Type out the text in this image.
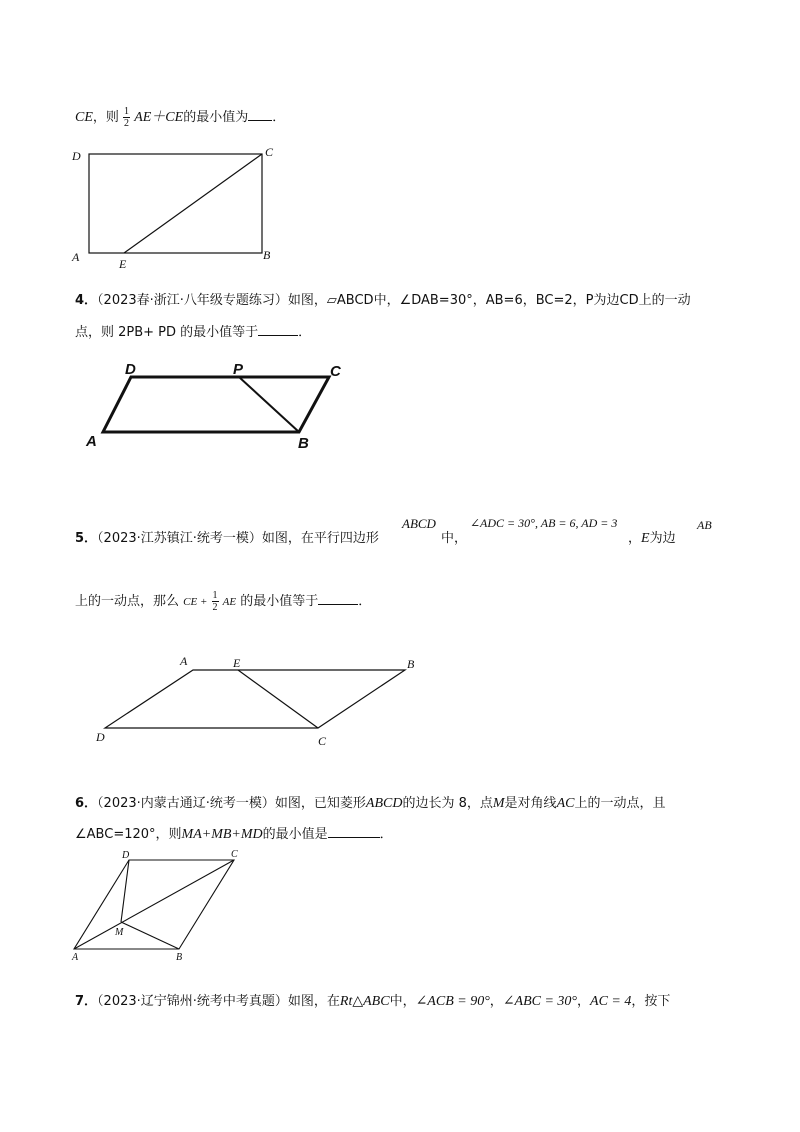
CE，则 $\frac{1}{2} AE+CE$的最小值为 ．
D	C
A	E
B
4．（2023春·浙江·八年级专题练习）如图，▱ABCD中，∠DAB=30°，AB=6，BC=2，P为边CD上的一动
点，则 2PB+ PD 的最小值等于	．
D	P	C
A	B
5．（2023·江苏镇江·统考一模）如图，在平行四边形
ABCD
中，
∠ADC = 30°, AB = 6, AD = 3
，E为边
AB
上的一动点，那么 CE + $\frac{1}{2}$ AE 的最小值等于	．
A	E	B
D	C
6．（2023·内蒙古通辽·统考一模）如图，已知菱形ABCD的边长为 8，点M是对角线AC上的一动点，且
∠ABC=120°，则MA+MB+MD的最小值是	．
D	C
M
A	B
7．（2023·辽宁锦州·统考中考真题）如图，在Rt△ABC中，∠ACB = 90°，∠ABC = 30°，AC = 4，按下
